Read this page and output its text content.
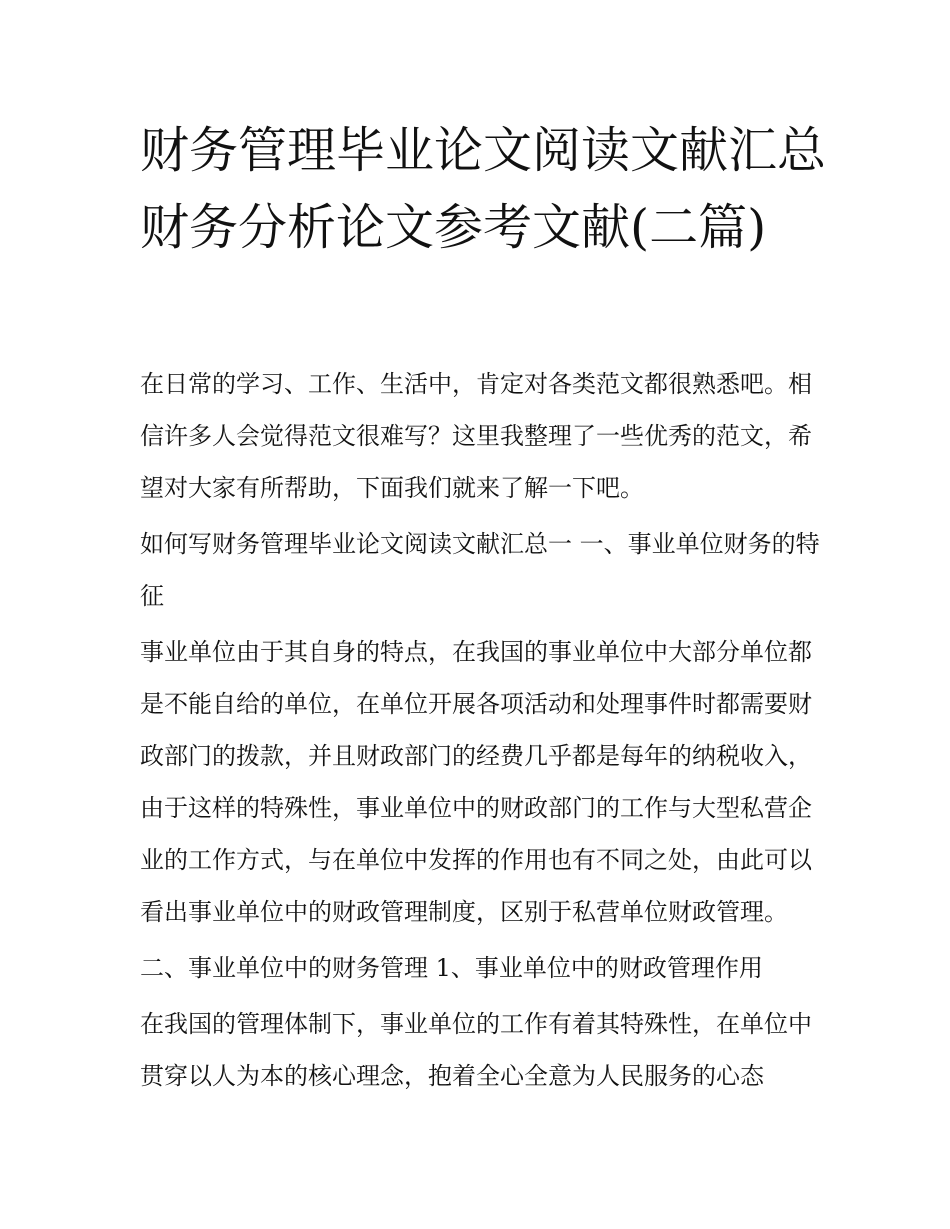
财务管理毕业论文阅读文献汇总 财务分析论文参考文献(二篇)

在日常的学习、工作、生活中，肯定对各类范文都很熟悉吧。相信许多人会觉得范文很难写？这里我整理了一些优秀的范文，希望对大家有所帮助，下面我们就来了解一下吧。

如何写财务管理毕业论文阅读文献汇总一 一、事业单位财务的特征

事业单位由于其自身的特点，在我国的事业单位中大部分单位都是不能自给的单位，在单位开展各项活动和处理事件时都需要财政部门的拨款，并且财政部门的经费几乎都是每年的纳税收入，由于这样的特殊性，事业单位中的财政部门的工作与大型私营企业的工作方式，与在单位中发挥的作用也有不同之处，由此可以看出事业单位中的财政管理制度，区别于私营单位财政管理。

二、事业单位中的财务管理 1、事业单位中的财政管理作用

在我国的管理体制下，事业单位的工作有着其特殊性，在单位中贯穿以人为本的核心理念，抱着全心全意为人民服务的心态
